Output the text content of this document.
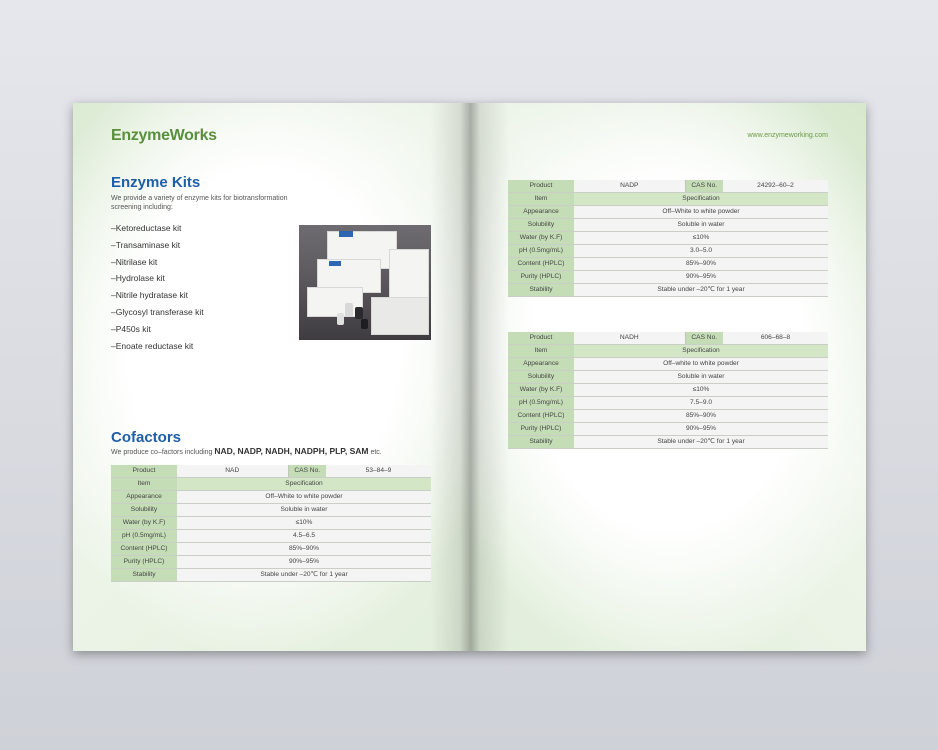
EnzymeWorks
Enzyme Kits
We provide a variety of enzyme kits for biotransformation
screening including:
–Ketoreductase kit
–Transaminase kit
–Nitrilase kit
–Hydrolase kit
–Nitrile hydratase kit
–Glycosyl transferase kit
–P450s kit
–Enoate reductase kit
Cofactors
We produce co–factors including NAD, NADP, NADH, NADPH, PLP, SAM etc.
Product	NAD	CAS No.	53–84–9
Item	Specification		
Appearance	Off–White to white powder		
Solubility	Soluble in water		
Water (by K.F)	≤10%		
pH (0.5mg/mL)	4.5–6.5		
Content (HPLC)	85%–90%		
Purity (HPLC)	90%–95%		
Stability	Stable under –20℃ for 1 year		
www.enzymeworking.com
Product	NADP	CAS No.	24292–60–2
Item	Specification		
Appearance	Off–White to white powder		
Solubility	Soluble in water		
Water (by K.F)	≤10%		
pH (0.5mg/mL)	3.0–5.0		
Content (HPLC)	85%–90%		
Purity (HPLC)	90%–95%		
Stability	Stable under –20℃ for 1 year		
Product	NADH	CAS No.	606–68–8
Item	Specification		
Appearance	Off–white to white powder		
Solubility	Soluble in water		
Water (by K.F)	≤10%		
pH (0.5mg/mL)	7.5–9.0		
Content (HPLC)	85%–90%		
Purity (HPLC)	90%–95%		
Stability	Stable under –20℃ for 1 year		
